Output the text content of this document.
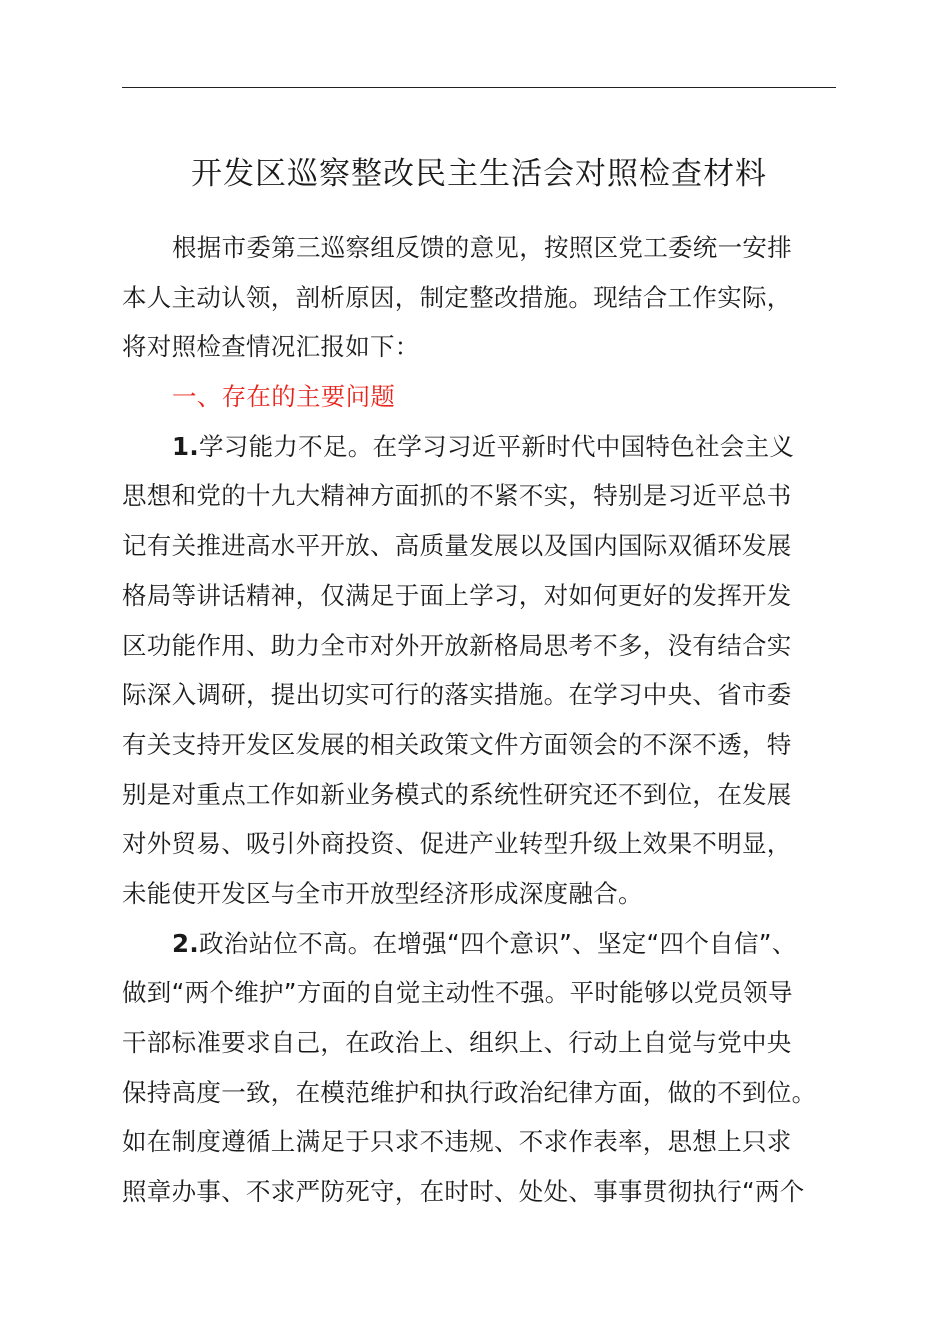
开发区巡察整改民主生活会对照检查材料
根据市委第三巡察组反馈的意见，按照区党工委统一安排
本人主动认领，剖析原因，制定整改措施。现结合工作实际，
将对照检查情况汇报如下：
一、存在的主要问题
1.学习能力不足。在学习习近平新时代中国特色社会主义
思想和党的十九大精神方面抓的不紧不实，特别是习近平总书
记有关推进高水平开放、高质量发展以及国内国际双循环发展
格局等讲话精神，仅满足于面上学习，对如何更好的发挥开发
区功能作用、助力全市对外开放新格局思考不多，没有结合实
际深入调研，提出切实可行的落实措施。在学习中央、省市委
有关支持开发区发展的相关政策文件方面领会的不深不透，特
别是对重点工作如新业务模式的系统性研究还不到位，在发展
对外贸易、吸引外商投资、促进产业转型升级上效果不明显，
未能使开发区与全市开放型经济形成深度融合。
2.政治站位不高。在增强“四个意识”、坚定“四个自信”、
做到“两个维护”方面的自觉主动性不强。平时能够以党员领导
干部标准要求自己，在政治上、组织上、行动上自觉与党中央
保持高度一致，在模范维护和执行政治纪律方面，做的不到位。
如在制度遵循上满足于只求不违规、不求作表率，思想上只求
照章办事、不求严防死守，在时时、处处、事事贯彻执行“两个
